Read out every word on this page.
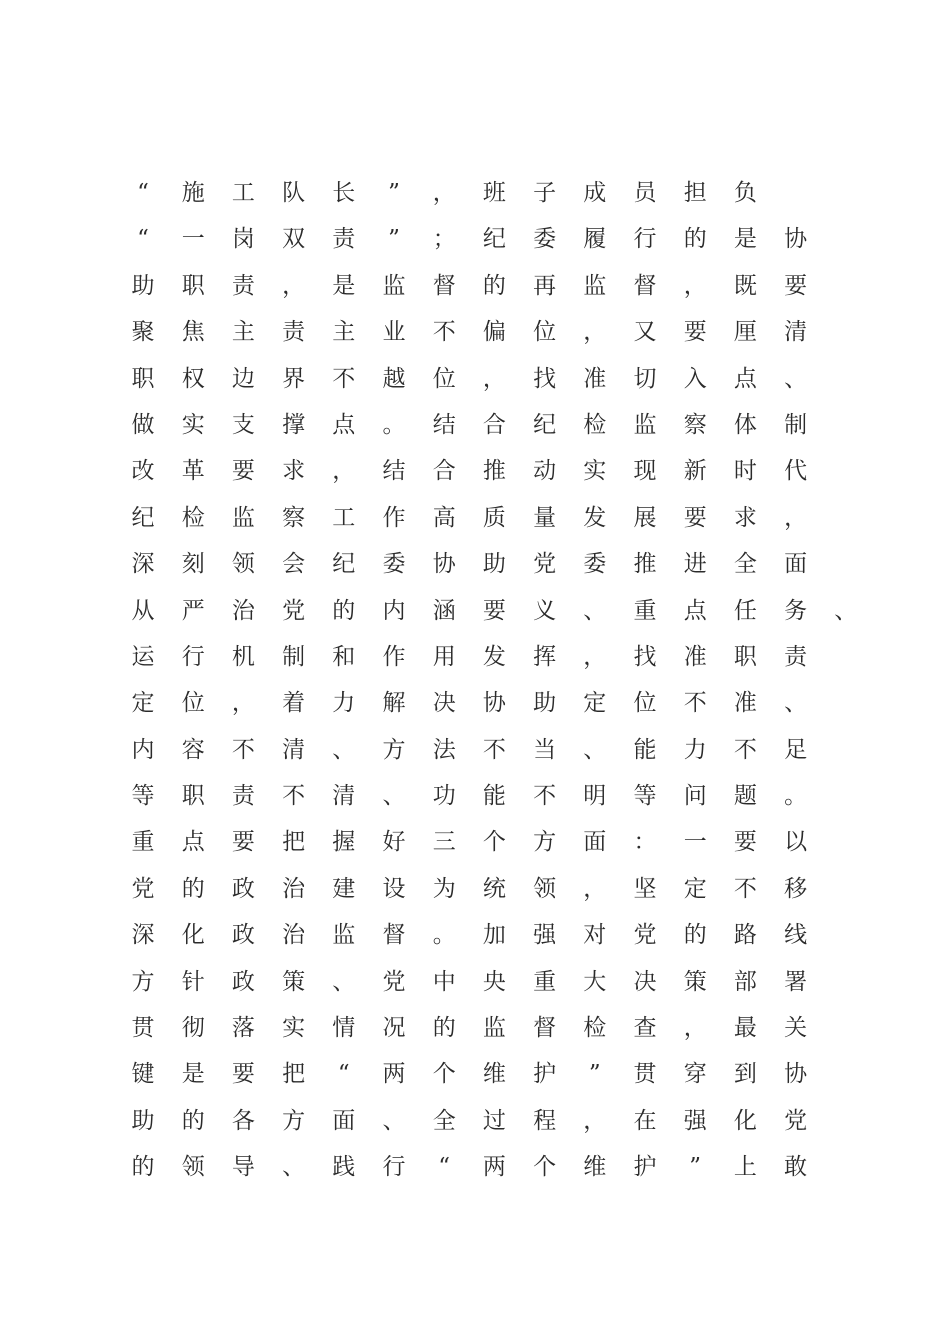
“	施 工 队 长	”	， 班 子 成 员 担 负
“	一 岗 双 责	”	； 纪 委 履 行 的 是 协
助 职 责 ， 是 监 督 的 再 监 督 ， 既 要
聚 焦 主 责 主 业 不 偏 位 ， 又 要 厘 清
职 权 边 界 不 越 位 ， 找 准 切 入 点 、
做 实 支 撑 点 。 结 合 纪 检 监 察 体 制
改 革 要 求 ， 结 合 推 动 实 现 新 时 代
纪 检 监 察 工 作 高 质 量 发 展 要 求 ，
深 刻 领 会 纪 委 协 助 党 委 推 进 全 面
从 严 治 党 的 内 涵 要 义 、 重 点 任 务 、
运 行 机 制 和 作 用 发 挥 ， 找 准 职 责
定 位 ， 着 力 解 决 协 助 定 位 不 准 、
内 容 不 清 、 方 法 不 当 、 能 力 不 足
等 职 责 不 清 、 功 能 不 明 等 问 题 。
重 点 要 把 握 好 三 个 方 面 ： 一 要 以
党 的 政 治 建 设 为 统 领 ， 坚 定 不 移
深 化 政 治 监 督 。 加 强 对 党 的 路 线
方 针 政 策 、 党 中 央 重 大 决 策 部 署
贯 彻 落 实 情 况 的 监 督 检 查 ， 最 关
键 是 要 把	“	两 个 维 护	”	贯 穿 到 协
助 的 各 方 面 、 全 过 程 ， 在 强 化 党
的 领 导 、 践 行	“	两 个 维 护	”	上 敢
